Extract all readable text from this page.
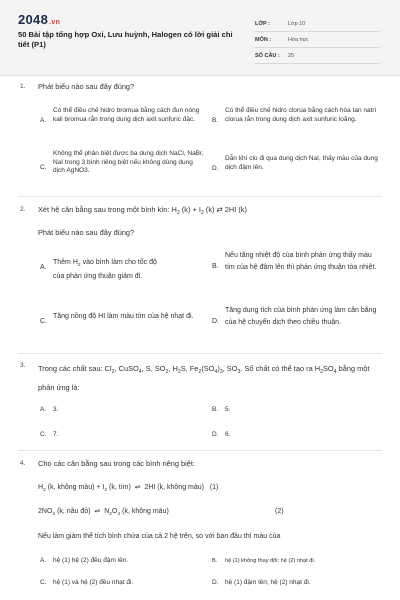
2048.vn
50 Bài tập tổng hợp Oxi, Lưu huỳnh, Halogen có lời giải chi tiết (P1)
LỚP :	Lớp 10
MÔN :	Hóa học
SỐ CÂU :	25
1. Phát biểu nào sau đây đúng?
A.
Có thể điều chế hidro bromua bằng cách đun nóng kali bromua rắn trong dung dịch axit sunfuric đặc.	B.
Có thể điều chế hidro clorua bằng cách hòa tan natri clorua rắn trong dung dịch axit sunfuric loãng.
C.
Không thể phân biệt được ba dung dịch NaCl, NaBr, NaI trong 3 bình riêng biệt nếu không dùng dung dịch AgNO3.	D.
Dẫn khí clo đi qua dung dịch NaI, thấy màu của dung dịch đậm lên.
2. Xét hệ cân bằng sau trong một bình kín: $H_2$ $(k) + I_2$ (k) ⇄ 2HI (k)
Phát biểu nào sau đây đúng?
A.
Thêm $H_2$ vào bình làm cho tốc độ
của phản ứng thuận giảm đi.
B.
Nếu tăng nhiệt độ của bình phản ứng thấy màu tím của hệ đậm lên thì phản ứng thuận tỏa nhiệt.
C.
Tăng nồng độ HI làm màu tím của hệ nhạt đi.
D.
Tăng dung tích của bình phản ứng làm cân bằng của hệ chuyển dịch theo chiều thuận.
3. Trong các chất sau: $Cl_2$, CuSO$_4$, S, $SO_2$, $H_2S$, $Fe_2(SO_4)_3$, $SO_3$. Số chất có thể tạo ra $H_2SO_4$ bằng một phản ứng là:
A. 3.	B. 5.
C. 7.	D. 6.
4. Cho các cân bằng sau trong các bình riêng biệt:
$H_2$ (k, không màu) + $I_2$ (k, tím)  ⇌  2HI (k, không màu)   (1)
$2NO_2$ (k, nâu đỏ)  ⇌  $N_2O_4$ (k, không màu)	(2)
Nếu làm giảm thể tích bình chứa của cả 2 hệ trên, so với ban đầu thì màu của
A. hệ (1) hệ (2) đều đậm lên.	B. hệ (1) không thay đổi; hệ (2) nhạt đi.
C. hệ (1) và hệ (2) đều nhạt đi.	D. hệ (1) đậm lên; hệ (2) nhạt đi.
